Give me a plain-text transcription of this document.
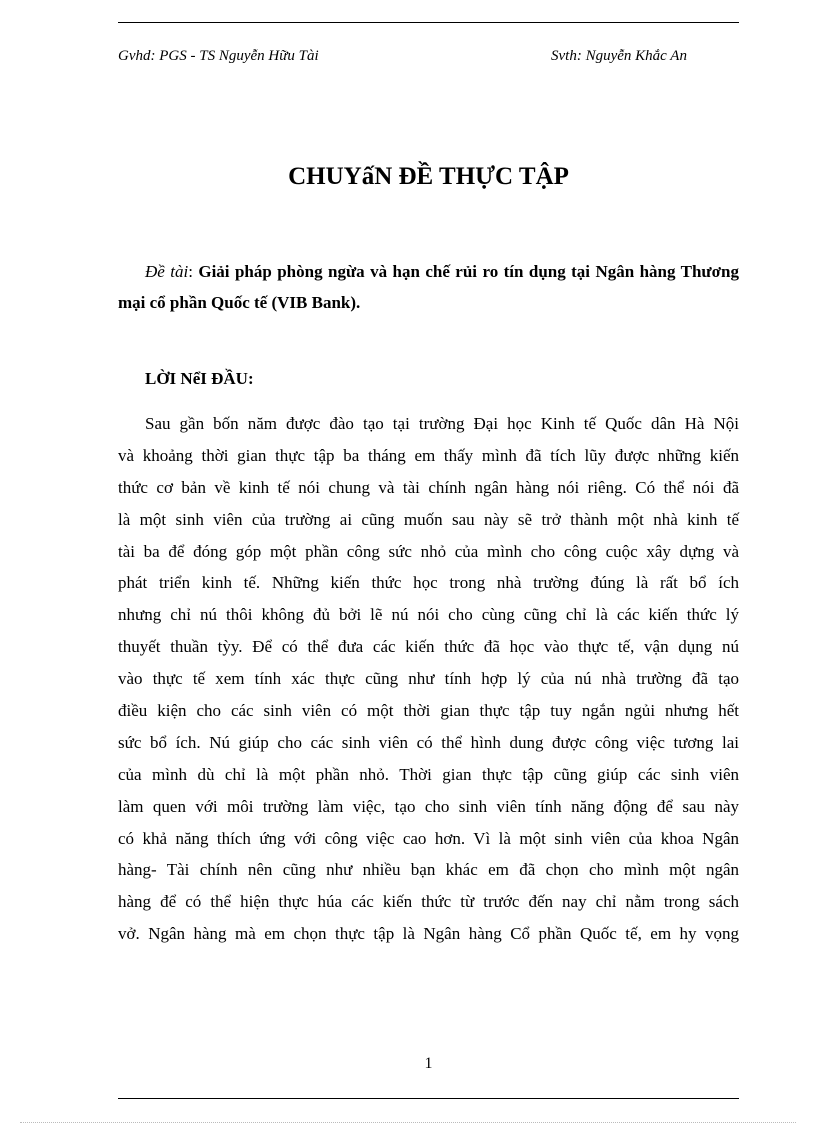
Gvhd: PGS - TS Nguyễn Hữu Tài	Svth: Nguyễn Khắc An
CHUYấN ĐỀ THỰC TẬP
Đề tài: Giải pháp phòng ngừa và hạn chế rủi ro tín dụng tại Ngân hàng Thương mại cổ phần Quốc tế (VIB Bank).
LỜI NểI ĐẦU:
Sau gần bốn năm được đào tạo tại trường Đại học Kinh tế Quốc dân Hà Nội
và khoảng thời gian thực tập ba tháng em thấy mình đã tích lũy được những kiến
thức cơ bản về kinh tế nói chung và tài chính ngân hàng nói riêng. Có thể nói đã
là một sinh viên của trường ai cũng muốn sau này sẽ trở thành một nhà kinh tế
tài ba để đóng góp một phần công sức nhỏ của mình cho công cuộc xây dựng và
phát triển kinh tế. Những kiến thức học trong nhà trường đúng là rất bổ ích
nhưng chỉ nú thôi không đủ bởi lẽ nú nói cho cùng cũng chỉ là các kiến thức lý
thuyết thuần tỳy. Để có thể đưa các kiến thức đã học vào thực tế, vận dụng nú
vào thực tế xem tính xác thực cũng như tính hợp lý của nú nhà trường đã tạo
điều kiện cho các sinh viên có một thời gian thực tập tuy ngắn ngủi nhưng hết
sức bổ ích. Nú giúp cho các sinh viên có thể hình dung được công việc tương lai
của mình dù chỉ là một phần nhỏ. Thời gian thực tập cũng giúp các sinh viên
làm quen với môi trường làm việc, tạo cho sinh viên tính năng động để sau này
có khả năng thích ứng với công việc cao hơn. Vì là một sinh viên của khoa Ngân
hàng- Tài chính nên cũng như nhiều bạn khác em đã chọn cho mình một ngân
hàng để có thể hiện thực húa các kiến thức từ trước đến nay chỉ nằm trong sách
vở. Ngân hàng mà em chọn thực tập là Ngân hàng Cổ phần Quốc tế, em hy vọng
1
